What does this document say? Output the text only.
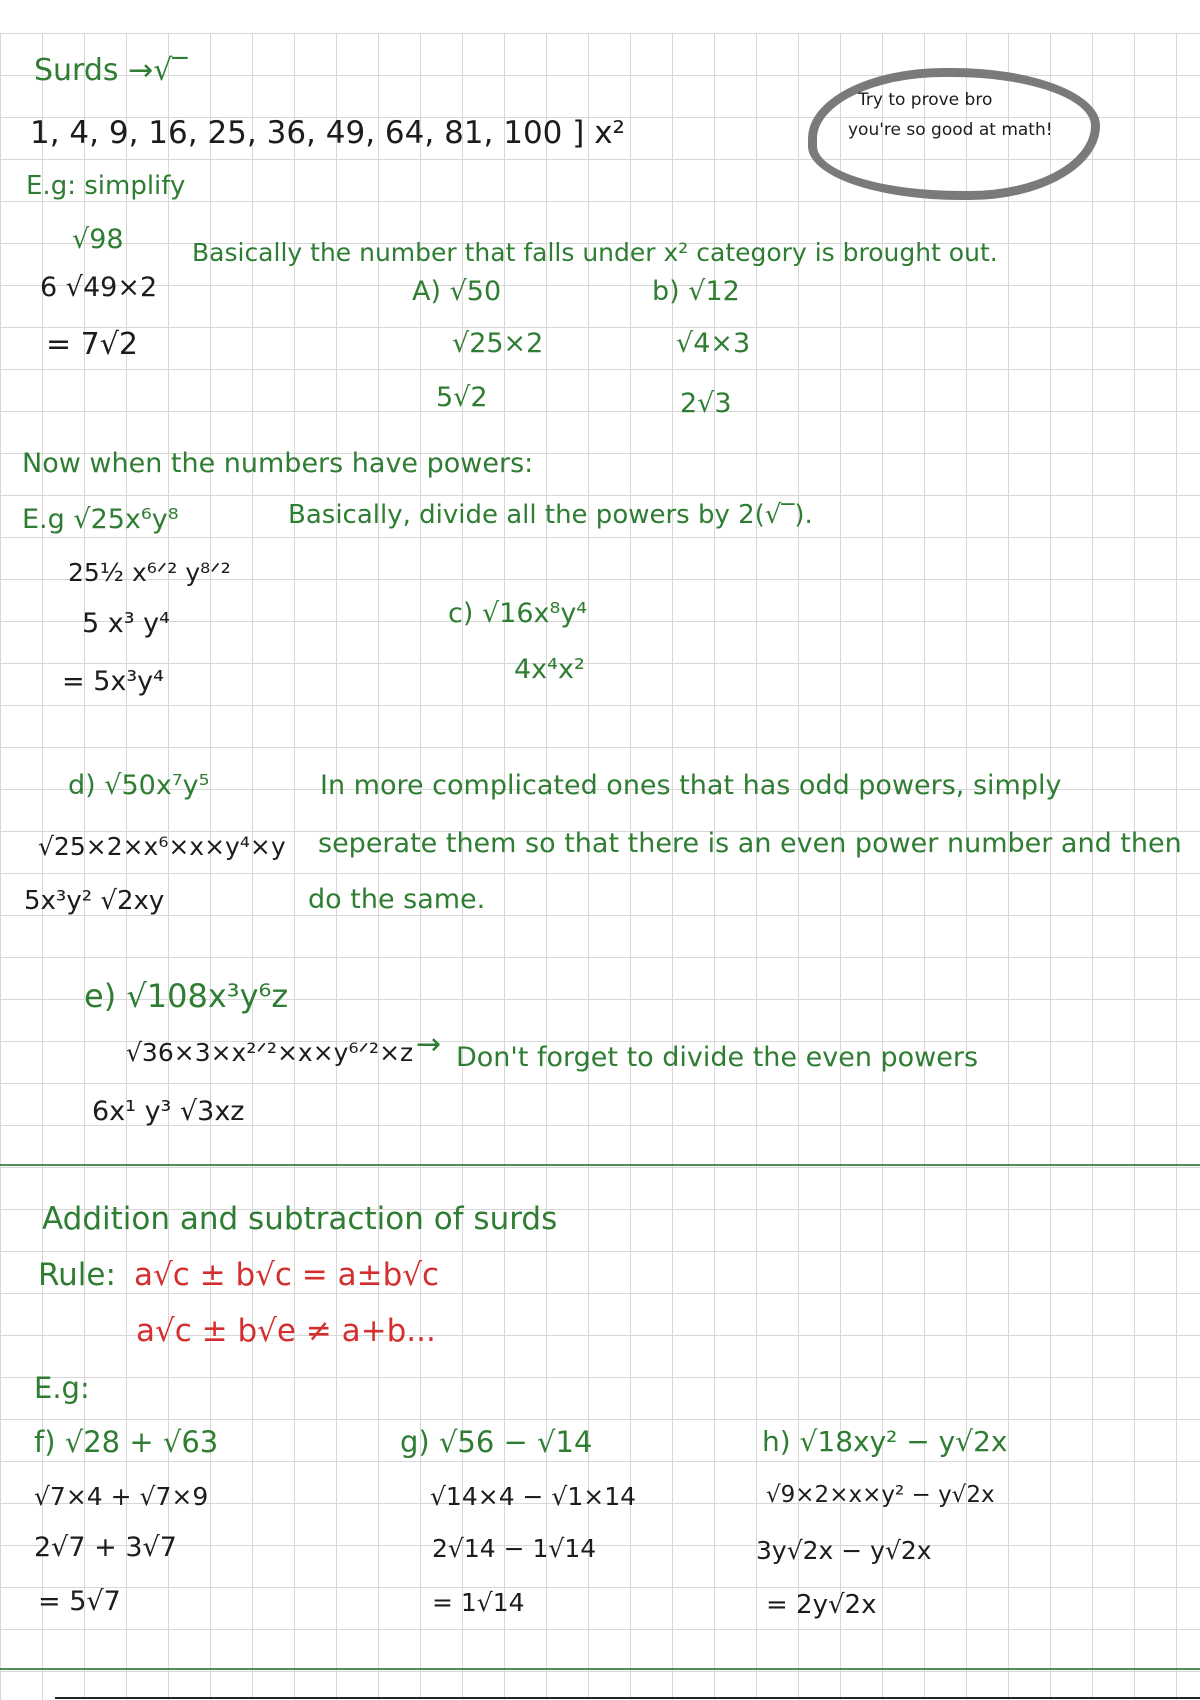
Surds →√‾
1, 4, 9, 16, 25, 36, 49, 64, 81, 100 ] x²
E.g: simplify
Try to prove bro
you're so good at math!
√98
6 √49×2
= 7√2
Basically the number that falls under x² category is brought out.
A) √50
√25×2
5√2
b) √12
√4×3
2√3
Now when the numbers have powers:
E.g √25x⁶y⁸	Basically, divide all the powers by 2(√‾).
25½ x⁶ᐟ² y⁸ᐟ²
5 x³ y⁴
= 5x³y⁴
c) √16x⁸y⁴
4x⁴x²
d) √50x⁷y⁵
√25×2×x⁶×x×y⁴×y
5x³y² √2xy
In more complicated ones that has odd powers, simply
seperate them so that there is an even power number and then
do the same.
e) √108x³y⁶z
√36×3×x²ᐟ²×x×y⁶ᐟ²×z → Don't forget to divide the even powers
6x¹ y³ √3xz
Addition and subtraction of surds
Rule: a√c ± b√c = a±b√c
a√c ± b√e ≠ a+b...
E.g:
f) √28 + √63
√7×4 + √7×9
2√7 + 3√7
= 5√7
g) √56 − √14
√14×4 − √1×14
2√14 − 1√14
= 1√14
h) √18xy² − y√2x
√9×2×x×y² − y√2x
3y√2x − y√2x
= 2y√2x
